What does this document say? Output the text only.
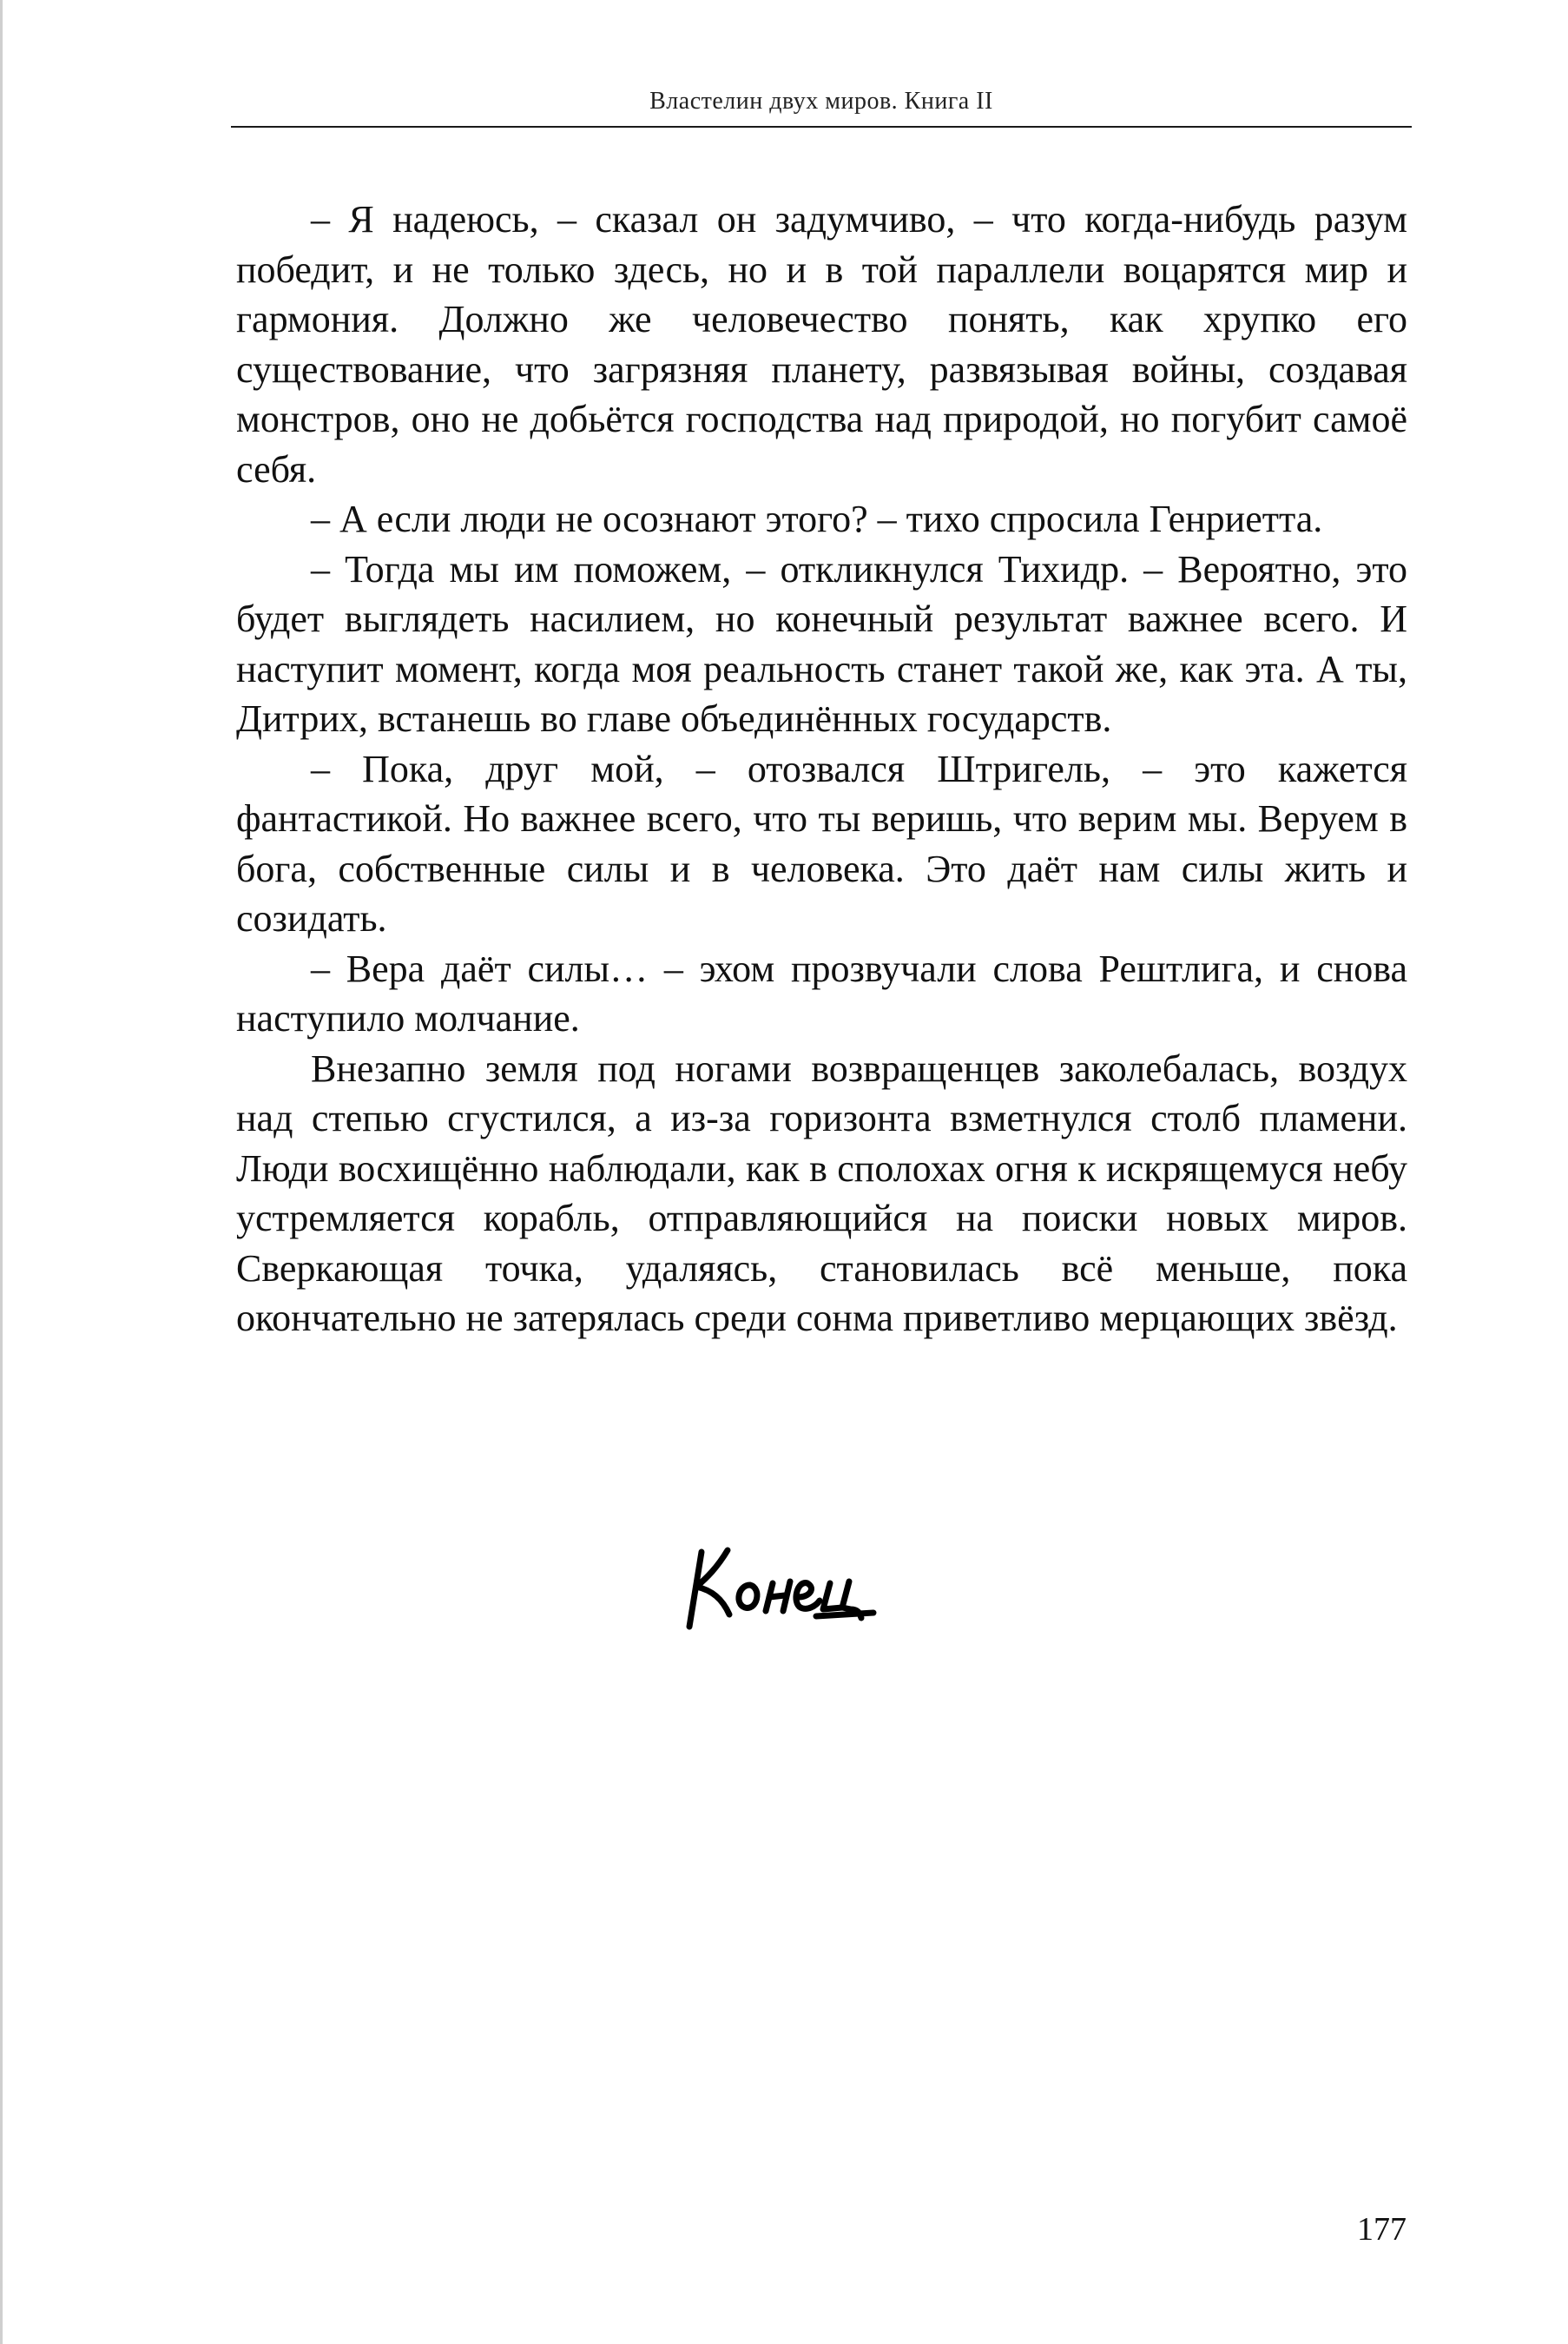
Властелин двух миров. Книга II

– Я надеюсь, – сказал он задумчиво, – что когда-нибудь разум победит, и не только здесь, но и в той параллели воцарятся мир и гармония. Должно же человечество понять, как хрупко его существование, что загрязняя планету, развязывая войны, создавая монстров, оно не добьётся господства над природой, но погубит самоё себя.

– А если люди не осознают этого? – тихо спросила Генриетта.

– Тогда мы им поможем, – откликнулся Тихидр. – Вероятно, это будет выглядеть насилием, но конечный результат важнее всего. И наступит момент, когда моя реальность станет такой же, как эта. А ты, Дитрих, встанешь во главе объединённых государств.

– Пока, друг мой, – отозвался Штригель, – это кажется фантастикой. Но важнее всего, что ты веришь, что верим мы. Веруем в бога, собственные силы и в человека. Это даёт нам силы жить и созидать.

– Вера даёт силы… – эхом прозвучали слова Рештлига, и снова наступило молчание.

Внезапно земля под ногами возвращенцев заколебалась, воздух над степью сгустился, а из-за горизонта взметнулся столб пламени. Люди восхищённо наблюдали, как в сполохах огня к искрящемуся небу устремляется корабль, отправляющийся на поиски новых миров. Сверкающая точка, удаляясь, становилась всё меньше, пока окончательно не затерялась среди сонма приветливо мерцающих звёзд.

177
